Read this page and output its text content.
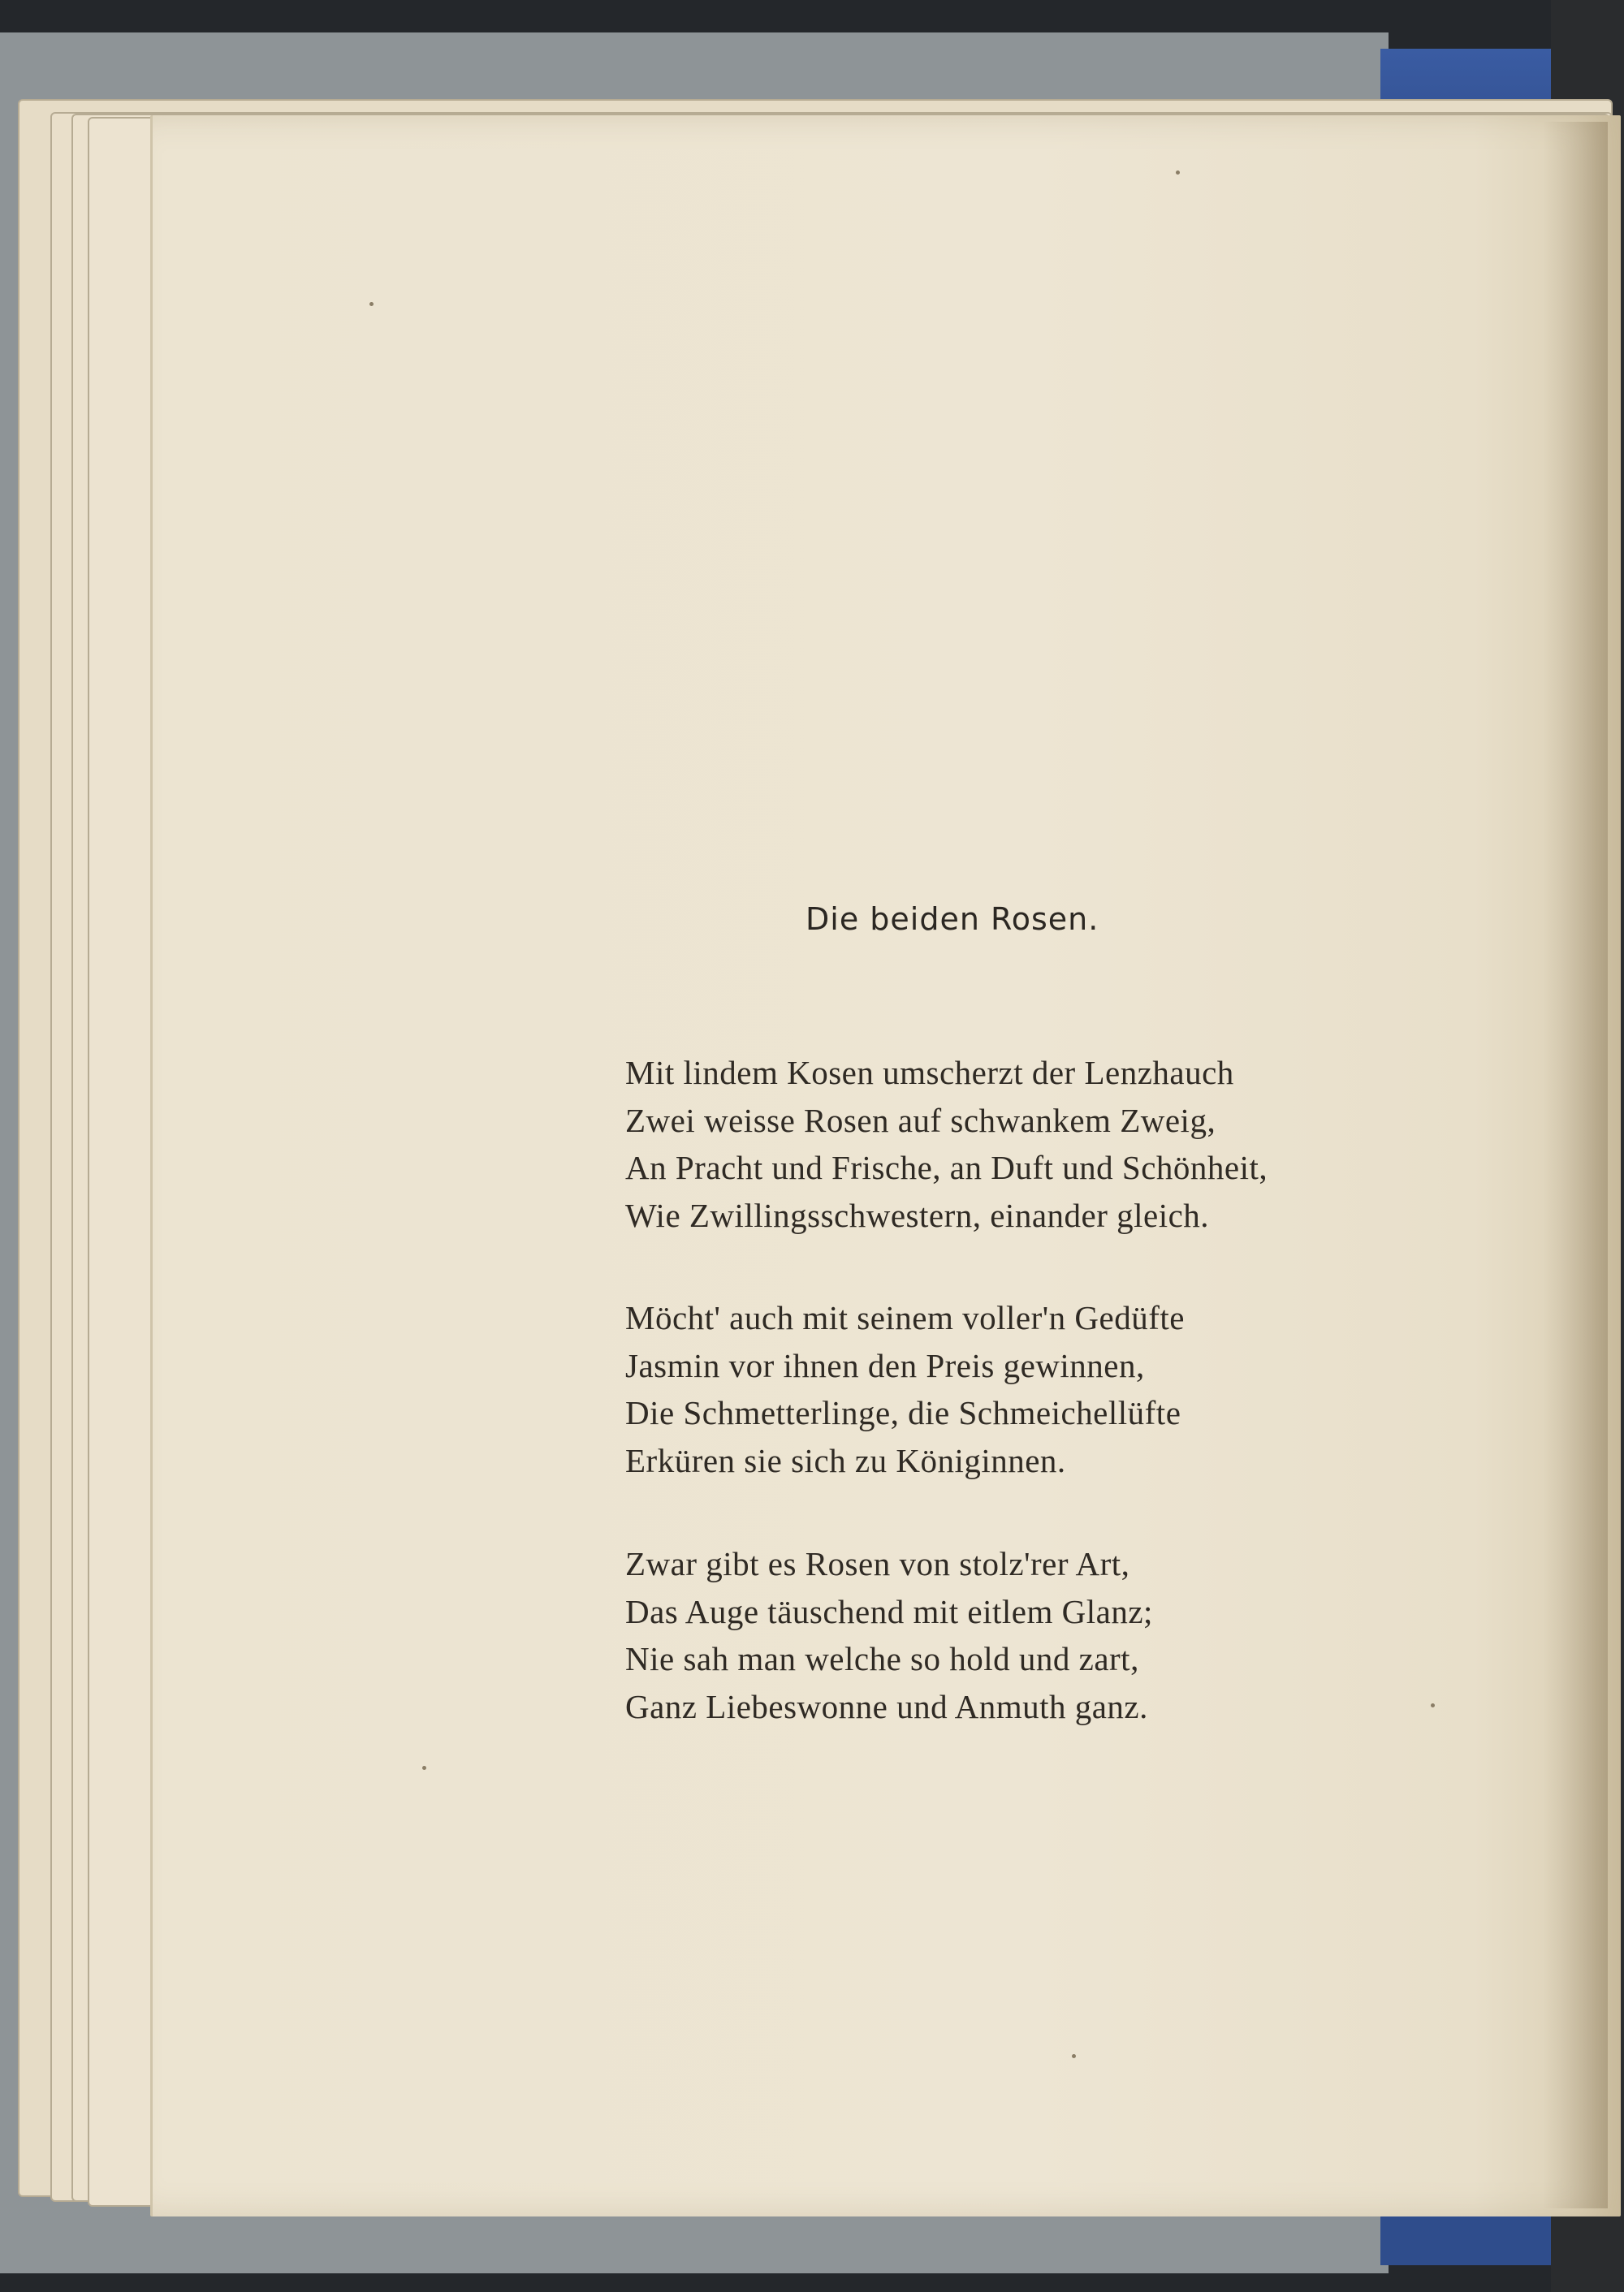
Die beiden Rosen.
Mit lindem Kosen umscherzt der Lenzhauch
Zwei weisse Rosen auf schwankem Zweig,
An Pracht und Frische, an Duft und Schönheit,
Wie Zwillingsschwestern, einander gleich.
Möcht' auch mit seinem voller'n Gedüfte
Jasmin vor ihnen den Preis gewinnen,
Die Schmetterlinge, die Schmeichellüfte
Erküren sie sich zu Königinnen.
Zwar gibt es Rosen von stolz'rer Art,
Das Auge täuschend mit eitlem Glanz;
Nie sah man welche so hold und zart,
Ganz Liebeswonne und Anmuth ganz.
